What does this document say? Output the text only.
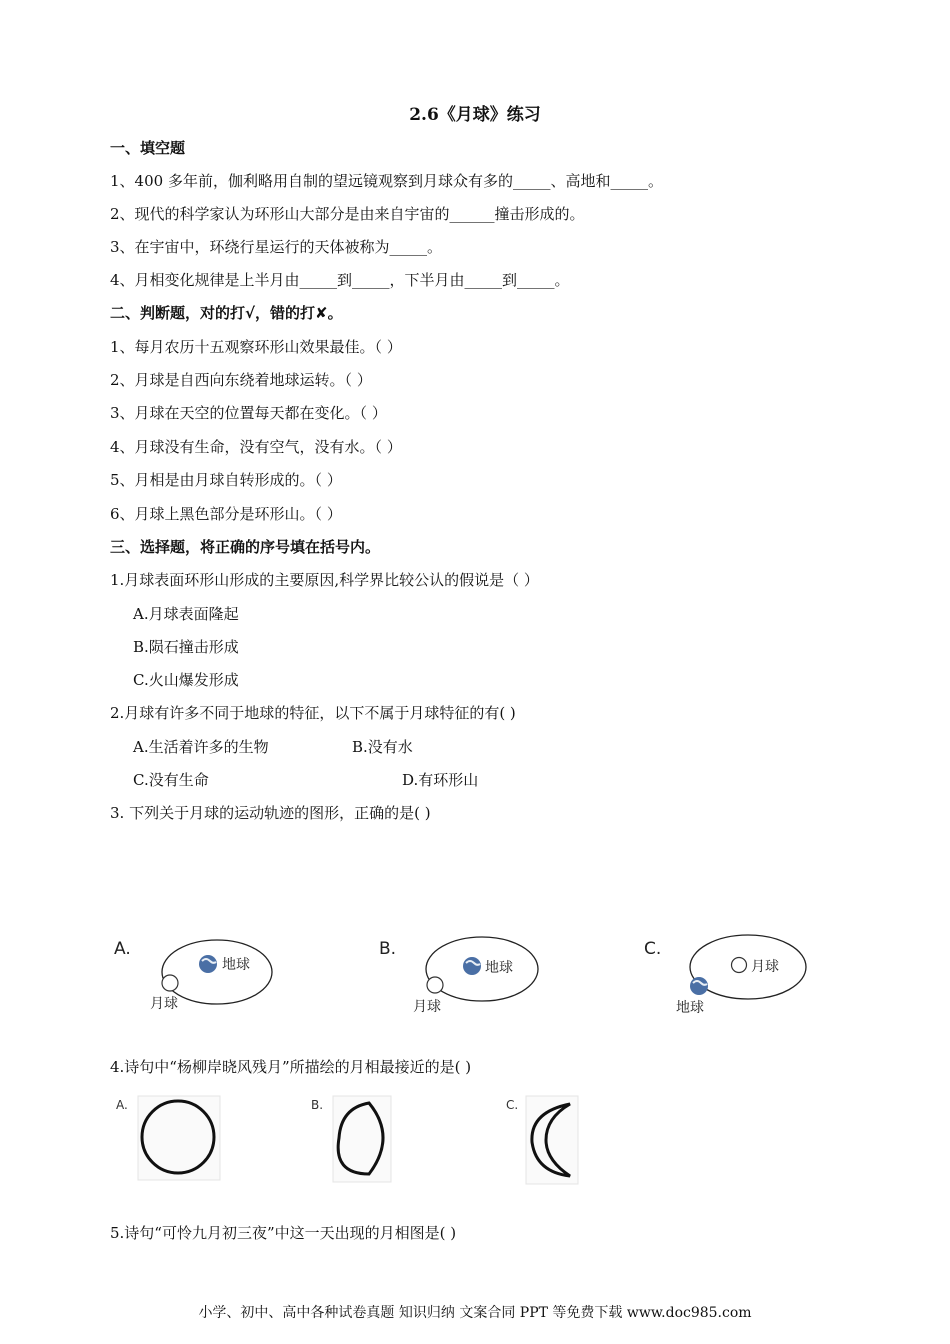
2.6《月球》练习
一、填空题
1、400 多年前，伽利略用自制的望远镜观察到月球众有多的_____、高地和_____。
2、现代的科学家认为环形山大部分是由来自宇宙的______撞击形成的。
3、在宇宙中，环绕行星运行的天体被称为_____。
4、月相变化规律是上半月由_____到_____，下半月由_____到_____。
二、判断题，对的打√，错的打✘。
1、每月农历十五观察环形山效果最佳。（ ）
2、月球是自西向东绕着地球运转。（ ）
3、月球在天空的位置每天都在变化。（ ）
4、月球没有生命，没有空气，没有水。（ ）
5、月相是由月球自转形成的。（ ）
6、月球上黑色部分是环形山。（ ）
三、选择题，将正确的序号填在括号内。
1.月球表面环形山形成的主要原因,科学界比较公认的假说是（ ）
A.月球表面隆起
B.陨石撞击形成
C.火山爆发形成
2.月球有许多不同于地球的特征，以下不属于月球特征的有( )
A.生活着许多的生物	B.没有水
C.没有生命	D.有环形山
3. 下列关于月球的运动轨迹的图形，正确的是( )
A.
地球
月球
B.
地球
月球
C.
月球
地球
4.诗句中“杨柳岸晓风残月”所描绘的月相最接近的是( )
A.	B.	C.
5.诗句“可怜九月初三夜”中这一天出现的月相图是( )
小学、初中、高中各种试卷真题 知识归纳 文案合同 PPT 等免费下载 www.doc985.com
